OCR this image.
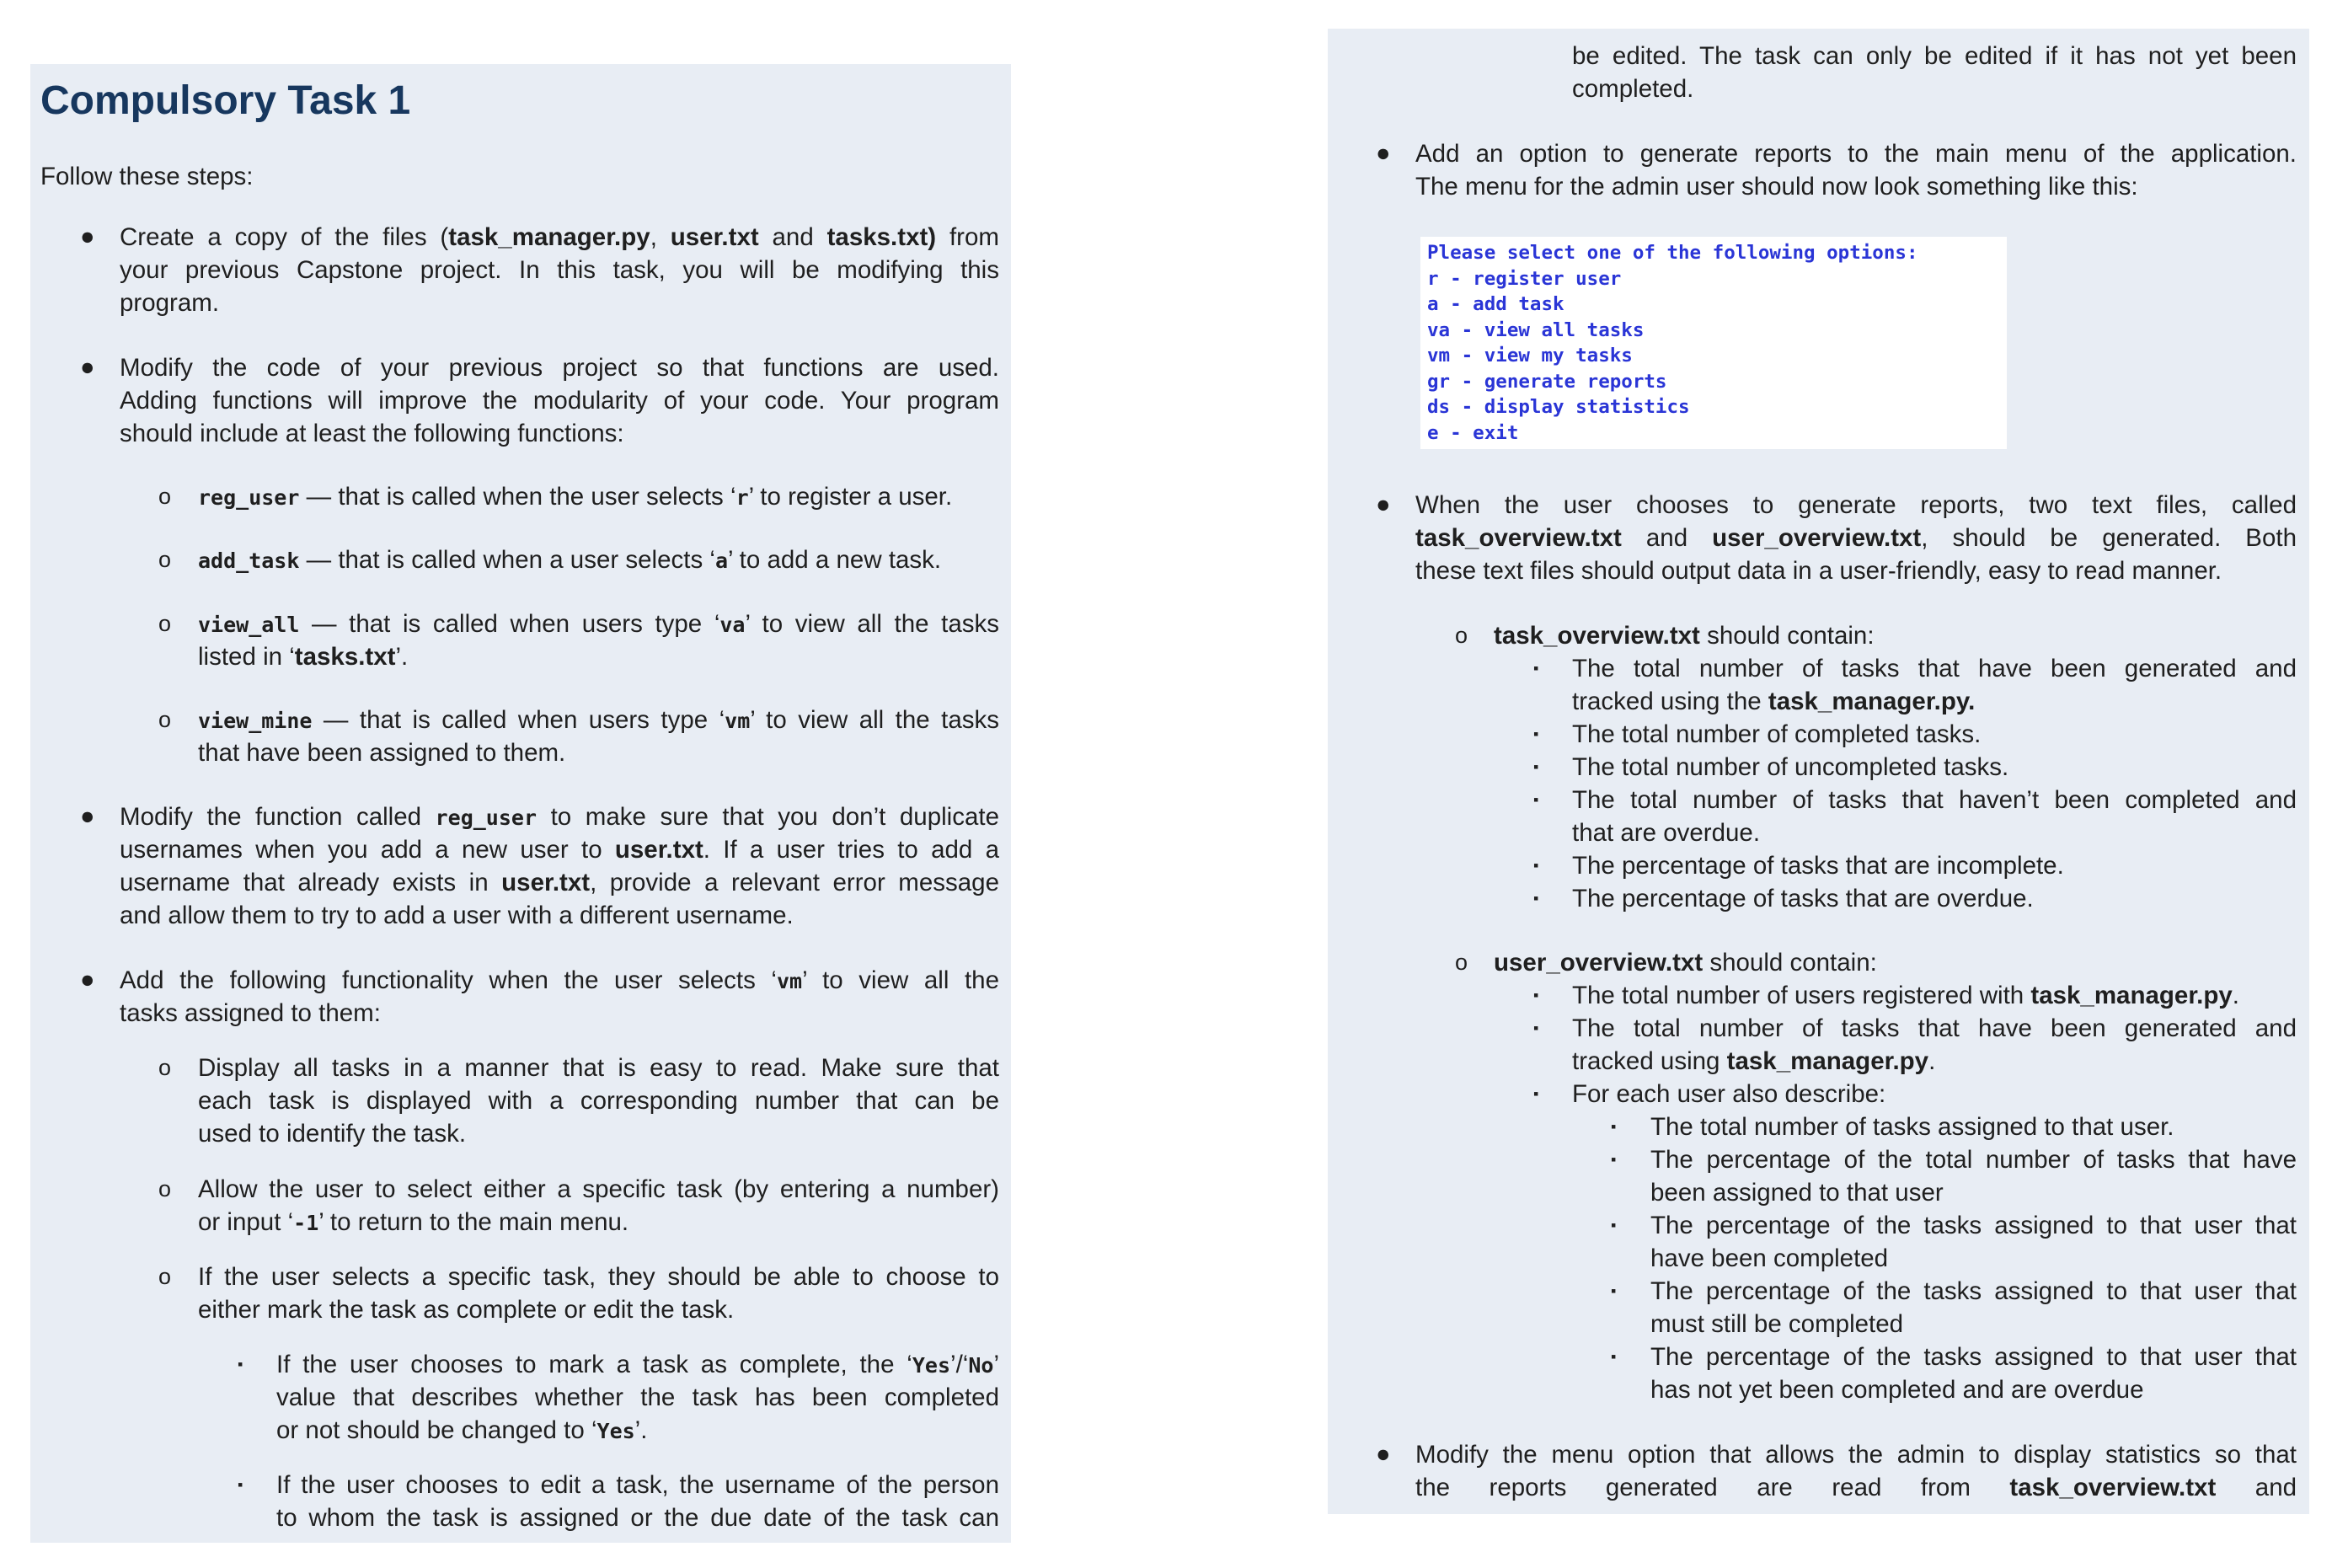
Compulsory Task 1
Follow these steps:
● Create a copy of the files (task_manager.py, user.txt and tasks.txt) from
your previous Capstone project. In this task, you will be modifying this
program.
● Modify the code of your previous project so that functions are used.
Adding functions will improve the modularity of your code. Your program
should include at least the following functions:
o reg_user — that is called when the user selects ‘r’ to register a user.
o add_task — that is called when a user selects ‘a’ to add a new task.
o view_all — that is called when users type ‘va’ to view all the tasks
listed in ‘tasks.txt’.
o view_mine — that is called when users type ‘vm’ to view all the tasks
that have been assigned to them.
● Modify the function called reg_user to make sure that you don’t duplicate
usernames when you add a new user to user.txt. If a user tries to add a
username that already exists in user.txt, provide a relevant error message
and allow them to try to add a user with a different username.
● Add the following functionality when the user selects ‘vm’ to view all the
tasks assigned to them:
o Display all tasks in a manner that is easy to read. Make sure that
each task is displayed with a corresponding number that can be
used to identify the task.
o Allow the user to select either a specific task (by entering a number)
or input ‘-1’ to return to the main menu.
o If the user selects a specific task, they should be able to choose to
either mark the task as complete or edit the task.
▪ If the user chooses to mark a task as complete, the ‘Yes’/‘No’
value that describes whether the task has been completed
or not should be changed to ‘Yes’.
▪ If the user chooses to edit a task, the username of the person
to whom the task is assigned or the due date of the task can
be edited. The task can only be edited if it has not yet been
completed.
● Add an option to generate reports to the main menu of the application.
The menu for the admin user should now look something like this:
Please select one of the following options:
r - register user
a - add task
va - view all tasks
vm - view my tasks
gr - generate reports
ds - display statistics
e - exit
● When the user chooses to generate reports, two text files, called
task_overview.txt and user_overview.txt, should be generated. Both
these text files should output data in a user-friendly, easy to read manner.
o task_overview.txt should contain:
▪ The total number of tasks that have been generated and
tracked using the task_manager.py.
▪ The total number of completed tasks.
▪ The total number of uncompleted tasks.
▪ The total number of tasks that haven’t been completed and
that are overdue.
▪ The percentage of tasks that are incomplete.
▪ The percentage of tasks that are overdue.
o user_overview.txt should contain:
▪ The total number of users registered with task_manager.py.
▪ The total number of tasks that have been generated and
tracked using task_manager.py.
▪ For each user also describe:
▪ The total number of tasks assigned to that user.
▪ The percentage of the total number of tasks that have
been assigned to that user
▪ The percentage of the tasks assigned to that user that
have been completed
▪ The percentage of the tasks assigned to that user that
must still be completed
▪ The percentage of the tasks assigned to that user that
has not yet been completed and are overdue
● Modify the menu option that allows the admin to display statistics so that
the reports generated are read from task_overview.txt and
